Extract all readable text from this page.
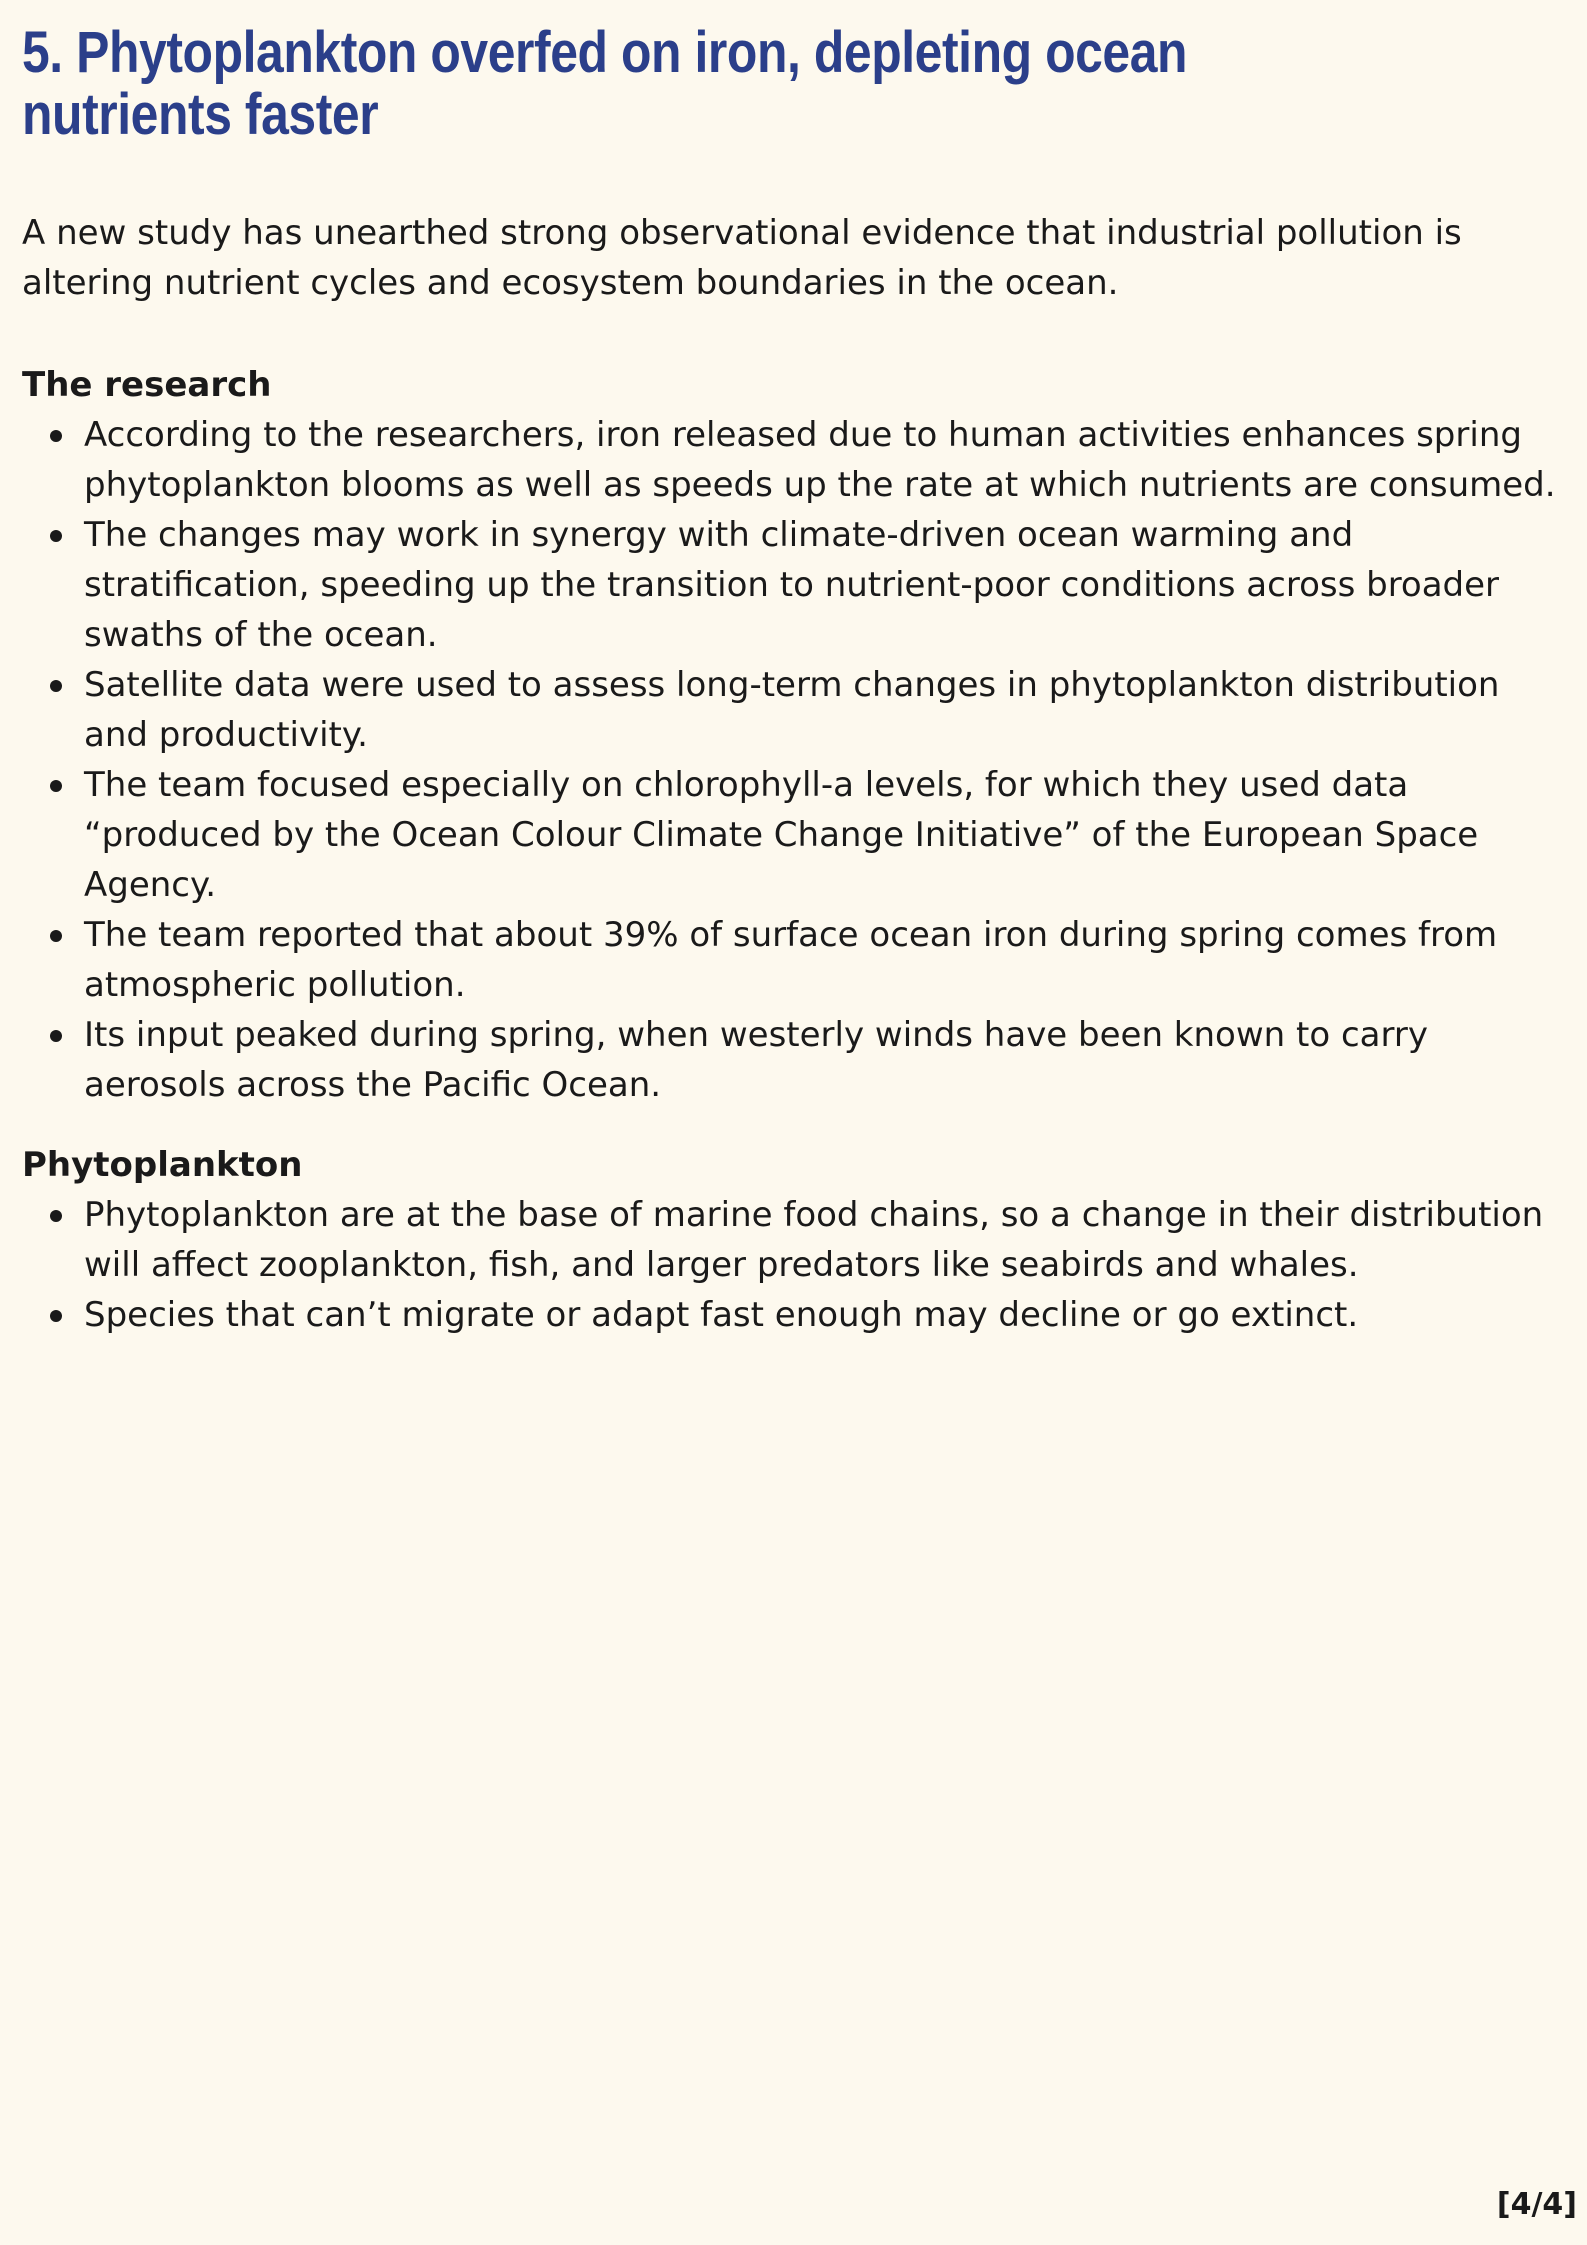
5. Phytoplankton overfed on iron, depleting ocean nutrients faster

A new study has unearthed strong observational evidence that industrial pollution is altering nutrient cycles and ecosystem boundaries in the ocean.

The research
According to the researchers, iron released due to human activities enhances spring phytoplankton blooms as well as speeds up the rate at which nutrients are consumed.
The changes may work in synergy with climate-driven ocean warming and stratification, speeding up the transition to nutrient-poor conditions across broader swaths of the ocean.
Satellite data were used to assess long-term changes in phytoplankton distribution and productivity.
The team focused especially on chlorophyll-a levels, for which they used data “produced by the Ocean Colour Climate Change Initiative” of the European Space Agency.
The team reported that about 39% of surface ocean iron during spring comes from atmospheric pollution.
Its input peaked during spring, when westerly winds have been known to carry aerosols across the Pacific Ocean.
Phytoplankton
Phytoplankton are at the base of marine food chains, so a change in their distribution will affect zooplankton, fish, and larger predators like seabirds and whales.
Species that can’t migrate or adapt fast enough may decline or go extinct.
[4/4]
